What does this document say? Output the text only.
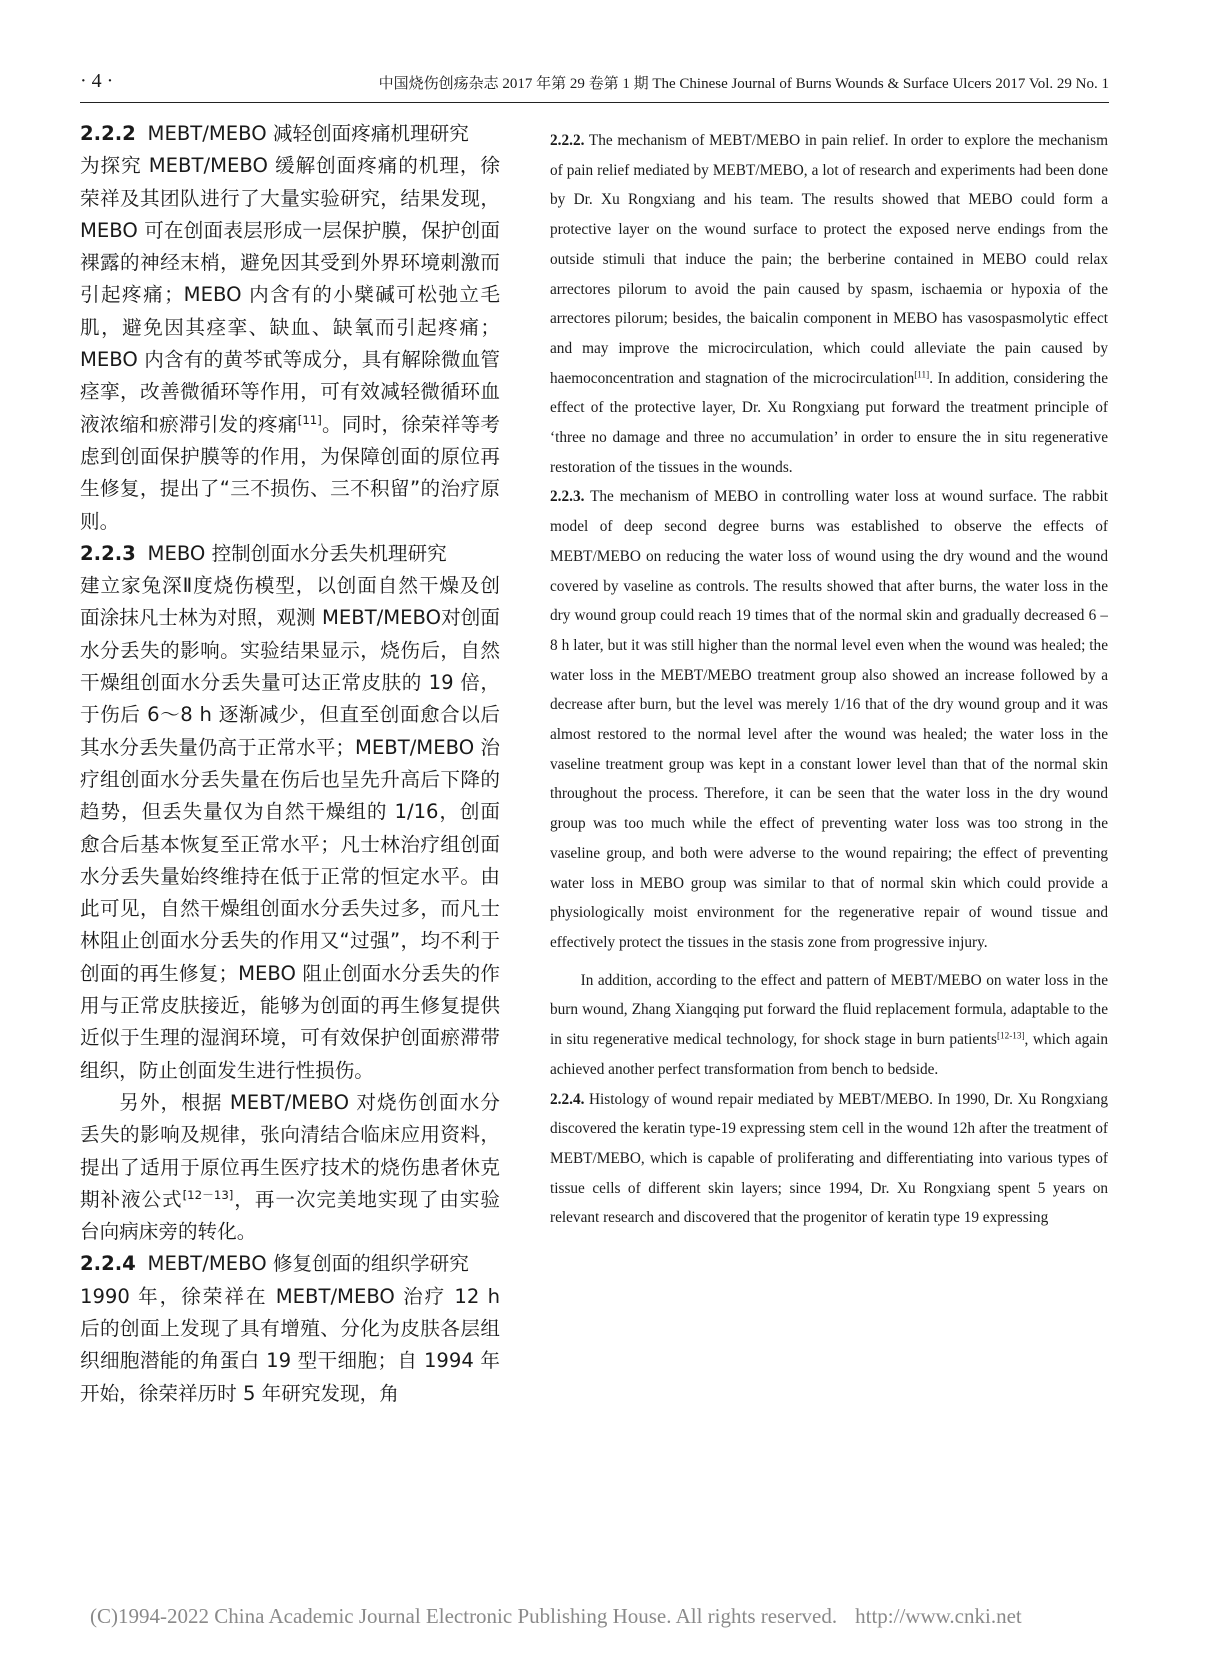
· 4 ·	中国烧伤创疡杂志 2017 年第 29 卷第 1 期 The Chinese Journal of Burns Wounds & Surface Ulcers 2017 Vol. 29 No. 1

2.2.2 MEBT/MEBO 减轻创面疼痛机理研究

为探究 MEBT/MEBO 缓解创面疼痛的机理，徐荣祥及其团队进行了大量实验研究，结果发现，MEBO 可在创面表层形成一层保护膜，保护创面裸露的神经末梢，避免因其受到外界环境刺激而引起疼痛；MEBO 内含有的小檗碱可松弛立毛肌，避免因其痉挛、缺血、缺氧而引起疼痛；MEBO 内含有的黄芩甙等成分，具有解除微血管痉挛，改善微循环等作用，可有效减轻微循环血液浓缩和瘀滞引发的疼痛[11]。同时，徐荣祥等考虑到创面保护膜等的作用，为保障创面的原位再生修复，提出了“三不损伤、三不积留”的治疗原则。

2.2.3 MEBO 控制创面水分丢失机理研究

建立家兔深Ⅱ度烧伤模型，以创面自然干燥及创面涂抹凡士林为对照，观测 MEBT/MEBO对创面水分丢失的影响。实验结果显示，烧伤后，自然干燥组创面水分丢失量可达正常皮肤的 19 倍，于伤后 6～8 h 逐渐减少，但直至创面愈合以后其水分丢失量仍高于正常水平；MEBT/MEBO 治疗组创面水分丢失量在伤后也呈先升高后下降的趋势，但丢失量仅为自然干燥组的 1/16，创面愈合后基本恢复至正常水平；凡士林治疗组创面水分丢失量始终维持在低于正常的恒定水平。由此可见，自然干燥组创面水分丢失过多，而凡士林阻止创面水分丢失的作用又“过强”，均不利于创面的再生修复；MEBO 阻止创面水分丢失的作用与正常皮肤接近，能够为创面的再生修复提供近似于生理的湿润环境，可有效保护创面瘀滞带组织，防止创面发生进行性损伤。

另外，根据 MEBT/MEBO 对烧伤创面水分丢失的影响及规律，张向清结合临床应用资料，提出了适用于原位再生医疗技术的烧伤患者休克期补液公式[12－13]，再一次完美地实现了由实验台向病床旁的转化。

2.2.4 MEBT/MEBO 修复创面的组织学研究

1990 年，徐荣祥在 MEBT/MEBO 治疗 12 h 后的创面上发现了具有增殖、分化为皮肤各层组织细胞潜能的角蛋白 19 型干细胞；自 1994 年开始，徐荣祥历时 5 年研究发现，角

2.2.2. The mechanism of MEBT/MEBO in pain relief. In order to explore the mechanism of pain relief mediated by MEBT/MEBO, a lot of research and experiments had been done by Dr. Xu Rongxiang and his team. The results showed that MEBO could form a protective layer on the wound surface to protect the exposed nerve endings from the outside stimuli that induce the pain; the berberine contained in MEBO could relax arrectores pilorum to avoid the pain caused by spasm, ischaemia or hypoxia of the arrectores pilorum; besides, the baicalin component in MEBO has vasospasmolytic effect and may improve the microcirculation, which could alleviate the pain caused by haemoconcentration and stagnation of the microcirculation[11]. In addition, considering the effect of the protective layer, Dr. Xu Rongxiang put forward the treatment principle of ‘three no damage and three no accumulation’ in order to ensure the in situ regenerative restoration of the tissues in the wounds.

2.2.3. The mechanism of MEBO in controlling water loss at wound surface. The rabbit model of deep second degree burns was established to observe the effects of MEBT/MEBO on reducing the water loss of wound using the dry wound and the wound covered by vaseline as controls. The results showed that after burns, the water loss in the dry wound group could reach 19 times that of the normal skin and gradually decreased 6 – 8 h later, but it was still higher than the normal level even when the wound was healed; the water loss in the MEBT/MEBO treatment group also showed an increase followed by a decrease after burn, but the level was merely 1/16 that of the dry wound group and it was almost restored to the normal level after the wound was healed; the water loss in the vaseline treatment group was kept in a constant lower level than that of the normal skin throughout the process. Therefore, it can be seen that the water loss in the dry wound group was too much while the effect of preventing water loss was too strong in the vaseline group, and both were adverse to the wound repairing; the effect of preventing water loss in MEBO group was similar to that of normal skin which could provide a physiologically moist environment for the regenerative repair of wound tissue and effectively protect the tissues in the stasis zone from progressive injury.

In addition, according to the effect and pattern of MEBT/MEBO on water loss in the burn wound, Zhang Xiangqing put forward the fluid replacement formula, adaptable to the in situ regenerative medical technology, for shock stage in burn patients[12-13], which again achieved another perfect transformation from bench to bedside.

2.2.4. Histology of wound repair mediated by MEBT/MEBO. In 1990, Dr. Xu Rongxiang discovered the keratin type-19 expressing stem cell in the wound 12h after the treatment of MEBT/MEBO, which is capable of proliferating and differentiating into various types of tissue cells of different skin layers; since 1994, Dr. Xu Rongxiang spent 5 years on relevant research and discovered that the progenitor of keratin type 19 expressing

(C)1994-2022 China Academic Journal Electronic Publishing House. All rights reserved. http://www.cnki.net
